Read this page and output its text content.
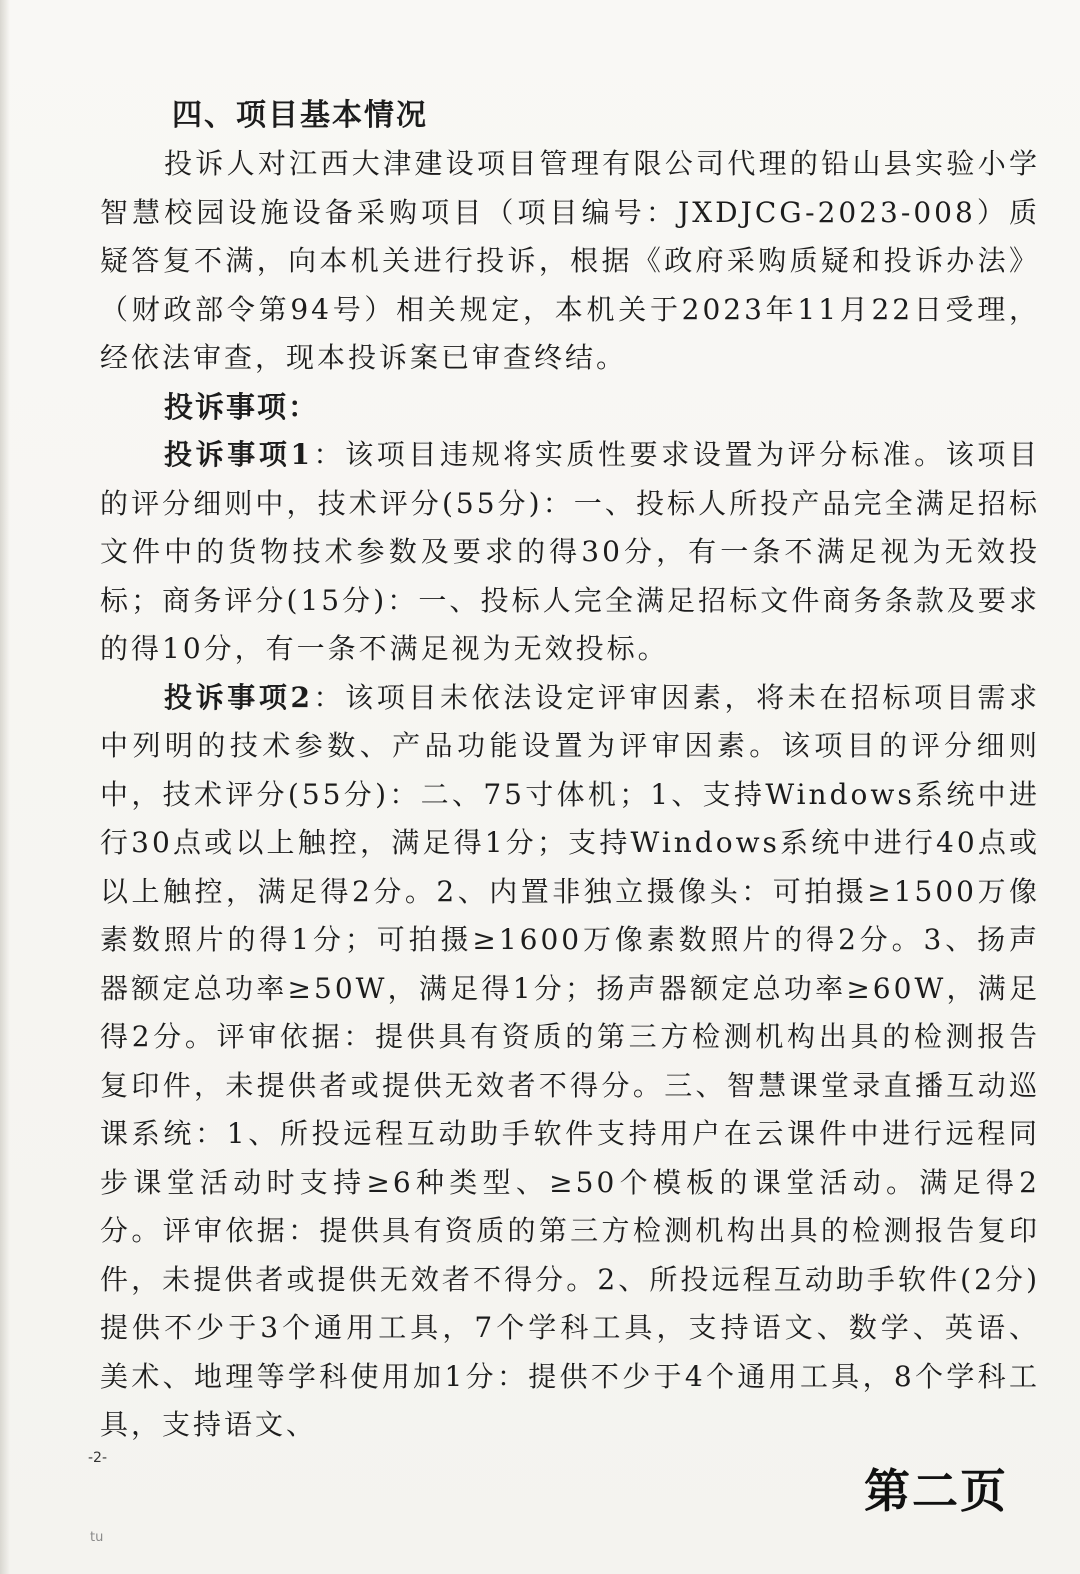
四、项目基本情况

投诉人对江西大津建设项目管理有限公司代理的铅山县实验小学智慧校园设施设备采购项目（项目编号：JXDJCG-2023-008）质疑答复不满，向本机关进行投诉，根据《政府采购质疑和投诉办法》（财政部令第94号）相关规定，本机关于2023年11月22日受理，经依法审查，现本投诉案已审查终结。

投诉事项：

投诉事项1：该项目违规将实质性要求设置为评分标准。该项目的评分细则中，技术评分(55分)：一、投标人所投产品完全满足招标文件中的货物技术参数及要求的得30分，有一条不满足视为无效投标；商务评分(15分)：一、投标人完全满足招标文件商务条款及要求的得10分，有一条不满足视为无效投标。

投诉事项2：该项目未依法设定评审因素，将未在招标项目需求中列明的技术参数、产品功能设置为评审因素。该项目的评分细则中，技术评分(55分)：二、75寸体机；1、支持Windows系统中进行30点或以上触控，满足得1分；支持Windows系统中进行40点或以上触控，满足得2分。2、内置非独立摄像头：可拍摄≥1500万像素数照片的得1分；可拍摄≥1600万像素数照片的得2分。3、扬声器额定总功率≥50W，满足得1分；扬声器额定总功率≥60W，满足得2分。评审依据：提供具有资质的第三方检测机构出具的检测报告复印件，未提供者或提供无效者不得分。三、智慧课堂录直播互动巡课系统：1、所投远程互动助手软件支持用户在云课件中进行远程同步课堂活动时支持≥6种类型、≥50个模板的课堂活动。满足得2分。评审依据：提供具有资质的第三方检测机构出具的检测报告复印件，未提供者或提供无效者不得分。2、所投远程互动助手软件(2分)提供不少于3个通用工具，7个学科工具，支持语文、数学、英语、美术、地理等学科使用加1分：提供不少于4个通用工具，8个学科工具，支持语文、

-2-
第二页
tu
